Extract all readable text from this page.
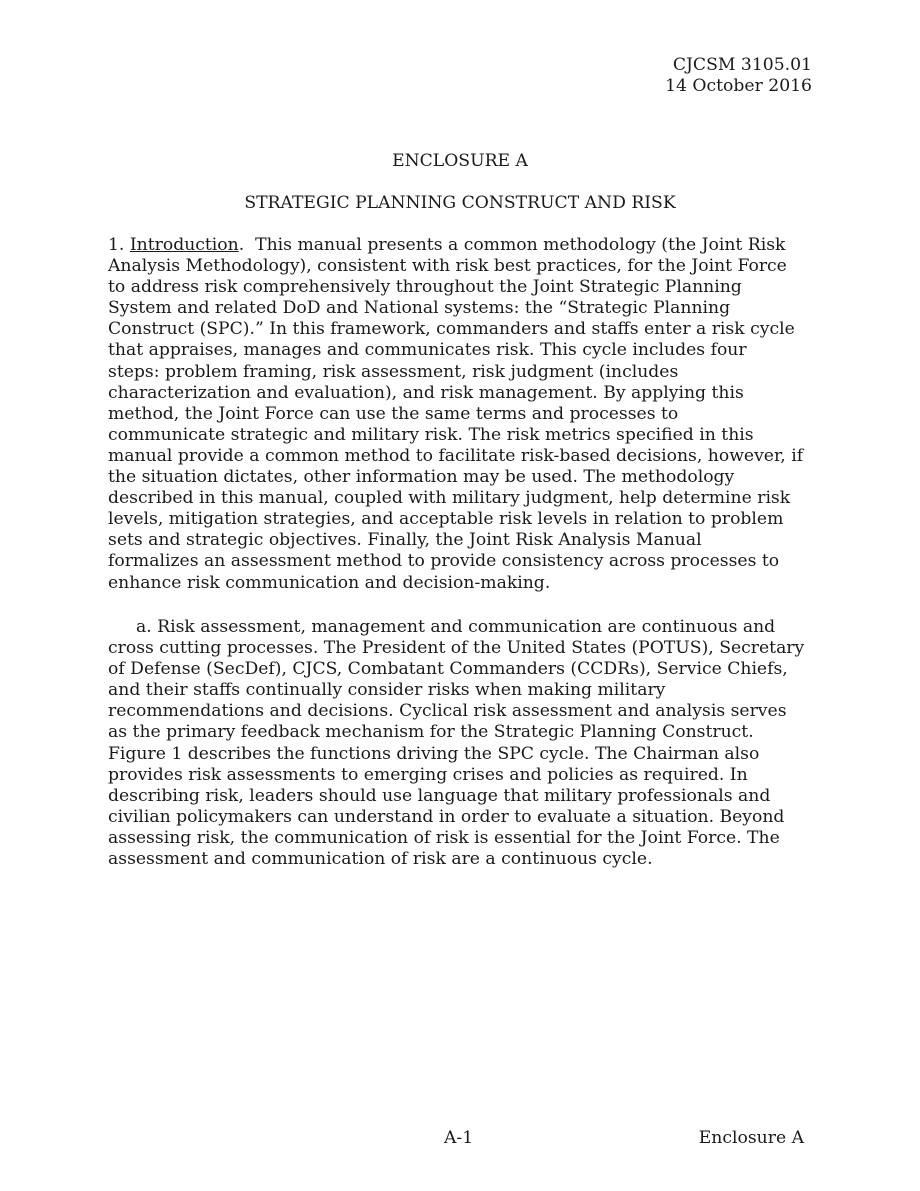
CJCSM 3105.01
14 October 2016
ENCLOSURE A
STRATEGIC PLANNING CONSTRUCT AND RISK
1. Introduction.  This manual presents a common methodology (the Joint Risk
Analysis Methodology), consistent with risk best practices, for the Joint Force
to address risk comprehensively throughout the Joint Strategic Planning
System and related DoD and National systems: the “Strategic Planning
Construct (SPC).” In this framework, commanders and staffs enter a risk cycle
that appraises, manages and communicates risk. This cycle includes four
steps: problem framing, risk assessment, risk judgment (includes
characterization and evaluation), and risk management. By applying this
method, the Joint Force can use the same terms and processes to
communicate strategic and military risk. The risk metrics specified in this
manual provide a common method to facilitate risk-based decisions, however, if
the situation dictates, other information may be used. The methodology
described in this manual, coupled with military judgment, help determine risk
levels, mitigation strategies, and acceptable risk levels in relation to problem
sets and strategic objectives. Finally, the Joint Risk Analysis Manual
formalizes an assessment method to provide consistency across processes to
enhance risk communication and decision-making.
a. Risk assessment, management and communication are continuous and
cross cutting processes. The President of the United States (POTUS), Secretary
of Defense (SecDef), CJCS, Combatant Commanders (CCDRs), Service Chiefs,
and their staffs continually consider risks when making military
recommendations and decisions. Cyclical risk assessment and analysis serves
as the primary feedback mechanism for the Strategic Planning Construct.
Figure 1 describes the functions driving the SPC cycle. The Chairman also
provides risk assessments to emerging crises and policies as required. In
describing risk, leaders should use language that military professionals and
civilian policymakers can understand in order to evaluate a situation. Beyond
assessing risk, the communication of risk is essential for the Joint Force. The
assessment and communication of risk are a continuous cycle.
A-1	Enclosure A
